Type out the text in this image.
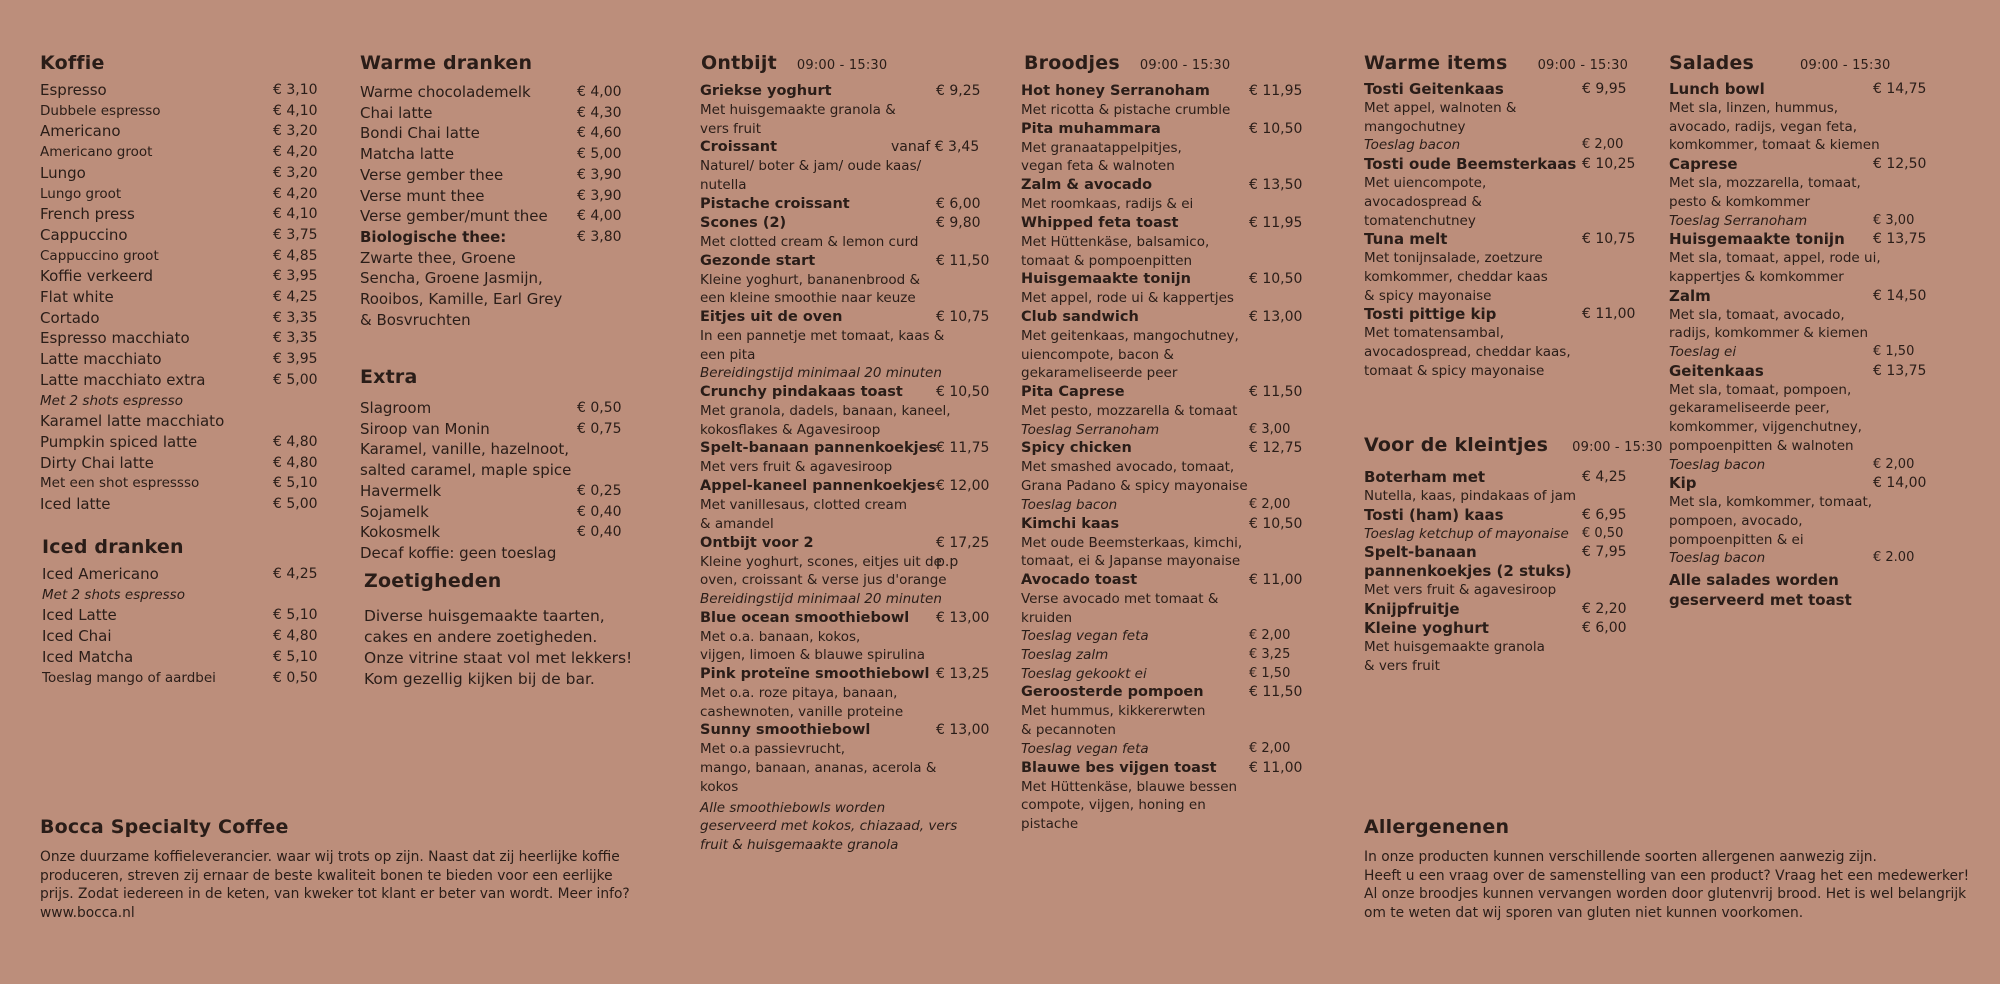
Koffie
Espresso	€ 3,10
Dubbele espresso	€ 4,10
Americano	€ 3,20
Americano groot	€ 4,20
Lungo	€ 3,20
Lungo groot	€ 4,20
French press	€ 4,10
Cappuccino	€ 3,75
Cappuccino groot	€ 4,85
Koffie verkeerd	€ 3,95
Flat white	€ 4,25
Cortado	€ 3,35
Espresso macchiato	€ 3,35
Latte macchiato	€ 3,95
Latte macchiato extra	€ 5,00
Met 2 shots espresso
Karamel latte macchiato
Pumpkin spiced latte	€ 4,80
Dirty Chai latte	€ 4,80
Met een shot espressso	€ 5,10
Iced latte	€ 5,00
Iced dranken
Iced Americano	€ 4,25
Met 2 shots espresso
Iced Latte	€ 5,10
Iced Chai	€ 4,80
Iced Matcha	€ 5,10
Toeslag mango of aardbei	€ 0,50
Warme dranken
Warme chocolademelk	€ 4,00
Chai latte	€ 4,30
Bondi Chai latte	€ 4,60
Matcha latte	€ 5,00
Verse gember thee	€ 3,90
Verse munt thee	€ 3,90
Verse gember/munt thee € 4,00
Biologische thee:	€ 3,80
Zwarte thee, Groene
Sencha, Groene Jasmijn,
Rooibos, Kamille, Earl Grey
& Bosvruchten
Extra
Slagroom	€ 0,50
Siroop van Monin	€ 0,75
Karamel, vanille, hazelnoot,
salted caramel, maple spice
Havermelk	€ 0,25
Sojamelk	€ 0,40
Kokosmelk	€ 0,40
Decaf koffie: geen toeslag
Zoetigheden
Diverse huisgemaakte taarten,
cakes en andere zoetigheden.
Onze vitrine staat vol met lekkers!
Kom gezellig kijken bij de bar.
Ontbijt 09:00 - 15:30
Griekse yoghurt	€ 9,25
Met huisgemaakte granola &
vers fruit
Croissant	vanaf € 3,45
Naturel/ boter & jam/ oude kaas/
nutella
Pistache croissant	€ 6,00
Scones (2)	€ 9,80
Met clotted cream & lemon curd
Gezonde start	€ 11,50
Kleine yoghurt, bananenbrood &
een kleine smoothie naar keuze
Eitjes uit de oven	€ 10,75
In een pannetje met tomaat, kaas &
een pita
Bereidingstijd minimaal 20 minuten
Crunchy pindakaas toast € 10,50
Met granola, dadels, banaan, kaneel,
kokosflakes & Agavesiroop
Spelt-banaan pannenkoekjes
€ 11,75
Met vers fruit & agavesiroop
Appel-kaneel pannenkoekjes € 12,00
Met vanillesaus, clotted cream
& amandel
Ontbijt voor 2	€ 17,25 p.p
Kleine yoghurt, scones, eitjes uit de
oven, croissant & verse jus d'orange
Bereidingstijd minimaal 20 minuten
Blue ocean smoothiebowl € 13,00
Met o.a. banaan, kokos,
vijgen, limoen & blauwe spirulina
Pink proteïne smoothiebowl € 13,25
Met o.a. roze pitaya, banaan,
cashewnoten, vanille proteine
Sunny smoothiebowl	€ 13,00
Met o.a passievrucht,
mango, banaan, ananas, acerola &
kokos
Alle smoothiebowls worden
geserveerd met kokos, chiazaad, vers
fruit & huisgemaakte granola
Broodjes 09:00 - 15:30
Hot honey Serranoham	€ 11,95
Met ricotta & pistache crumble
Pita muhammara	€ 10,50
Met granaatappelpitjes,
vegan feta & walnoten
Zalm & avocado	€ 13,50
Met roomkaas, radijs & ei
Whipped feta toast	€ 11,95
Met Hüttenkäse, balsamico,
tomaat & pompoenpitten
Huisgemaakte tonijn	€ 10,50
Met appel, rode ui & kappertjes
Club sandwich	€ 13,00
Met geitenkaas, mangochutney,
uiencompote, bacon &
gekarameliseerde peer
Pita Caprese	€ 11,50
Met pesto, mozzarella & tomaat
Toeslag Serranoham	€ 3,00
Spicy chicken	€ 12,75
Met smashed avocado, tomaat,
Grana Padano & spicy mayonaise
Toeslag bacon	€ 2,00
Kimchi kaas	€ 10,50
Met oude Beemsterkaas, kimchi,
tomaat, ei & Japanse mayonaise
Avocado toast	€ 11,00
Verse avocado met tomaat &
kruiden
Toeslag vegan feta	€ 2,00
Toeslag zalm	€ 3,25
Toeslag gekookt ei	€ 1,50
Geroosterde pompoen	€ 11,50
Met hummus, kikkererwten
& pecannoten
Toeslag vegan feta	€ 2,00
Blauwe bes vijgen toast € 11,00
Met Hüttenkäse, blauwe bessen
compote, vijgen, honing en
pistache
Warme items 09:00 - 15:30
Tosti Geitenkaas	€ 9,95
Met appel, walnoten &
mangochutney
Toeslag bacon	€ 2,00
Tosti oude Beemsterkaas € 10,25
Met uiencompote,
avocadospread &
tomatenchutney
Tuna melt	€ 10,75
Met tonijnsalade, zoetzure
komkommer, cheddar kaas
& spicy mayonaise
Tosti pittige kip	€ 11,00
Met tomatensambal,
avocadospread, cheddar kaas,
tomaat & spicy mayonaise
Voor de kleintjes 09:00 - 15:30
Boterham met	€ 4,25
Nutella, kaas, pindakaas of jam
Tosti (ham) kaas	€ 6,95
Toeslag ketchup of mayonaise € 0,50
Spelt-banaan	€ 7,95
pannenkoekjes (2 stuks)
Met vers fruit & agavesiroop
Knijpfruitje	€ 2,20
Kleine yoghurt	€ 6,00
Met huisgemaakte granola
& vers fruit
Salades	09:00 - 15:30
Lunch bowl	€ 14,75
Met sla, linzen, hummus,
avocado, radijs, vegan feta,
komkommer, tomaat & kiemen
Caprese	€ 12,50
Met sla, mozzarella, tomaat,
pesto & komkommer
Toeslag Serranoham	€ 3,00
Huisgemaakte tonijn € 13,75
Met sla, tomaat, appel, rode ui,
kappertjes & komkommer
Zalm	€ 14,50
Met sla, tomaat, avocado,
radijs, komkommer & kiemen
Toeslag ei	€ 1,50
Geitenkaas	€ 13,75
Met sla, tomaat, pompoen,
gekarameliseerde peer,
komkommer, vijgenchutney,
pompoenpitten & walnoten
Toeslag bacon	€ 2,00
Kip	€ 14,00
Met sla, komkommer, tomaat,
pompoen, avocado,
pompoenpitten & ei
Toeslag bacon	€ 2.00
Alle salades worden
geserveerd met toast
Bocca Specialty Coffee
Onze duurzame koffieleverancier. waar wij trots op zijn. Naast dat zij heerlijke koffie
produceren, streven zij ernaar de beste kwaliteit bonen te bieden voor een eerlijke
prijs. Zodat iedereen in de keten, van kweker tot klant er beter van wordt. Meer info?
www.bocca.nl
Allergenenen
In onze producten kunnen verschillende soorten allergenen aanwezig zijn.
Heeft u een vraag over de samenstelling van een product? Vraag het een medewerker!
Al onze broodjes kunnen vervangen worden door glutenvrij brood. Het is wel belangrijk
om te weten dat wij sporen van gluten niet kunnen voorkomen.
